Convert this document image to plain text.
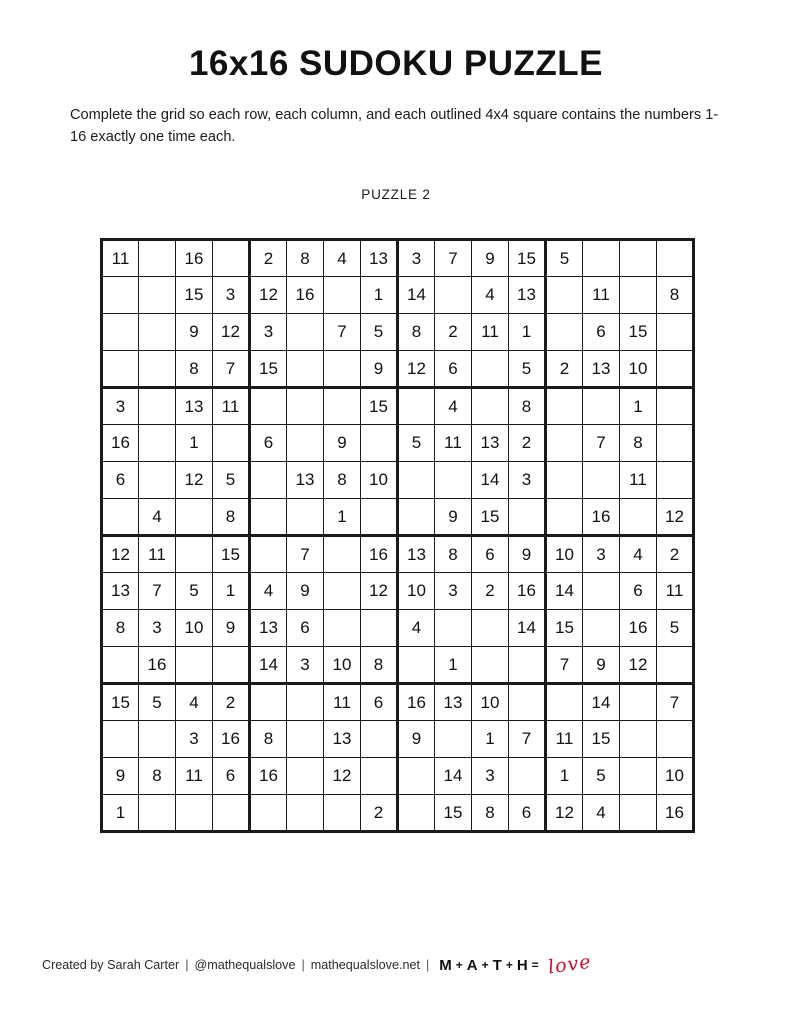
16x16 SUDOKU PUZZLE

Complete the grid so each row, each column, and each outlined 4x4 square contains the numbers 1- 16 exactly one time each.

PUZZLE 2

11		16		2	8	4	13	3	7	9	15	5			
		15	3	12	16		1	14		4	13		11		8
		9	12	3		7	5	8	2	11	1		6	15	
		8	7	15			9	12	6		5	2	13	10	
3		13	11				15		4		8			1	
16		1		6		9		5	11	13	2		7	8	
6		12	5		13	8	10			14	3			11	
	4		8			1			9	15			16		12
12	11		15		7		16	13	8	6	9	10	3	4	2
13	7	5	1	4	9		12	10	3	2	16	14		6	11
8	3	10	9	13	6			4			14	15		16	5
	16			14	3	10	8		1			7	9	12	
15	5	4	2			11	6	16	13	10			14		7
		3	16	8		13		9		1	7	11	15		
9	8	11	6	16		12			14	3		1	5		10
1							2		15	8	6	12	4		16
Created by Sarah Carter | @mathequalslove | mathequalslove.net | M + A + T + H = love
